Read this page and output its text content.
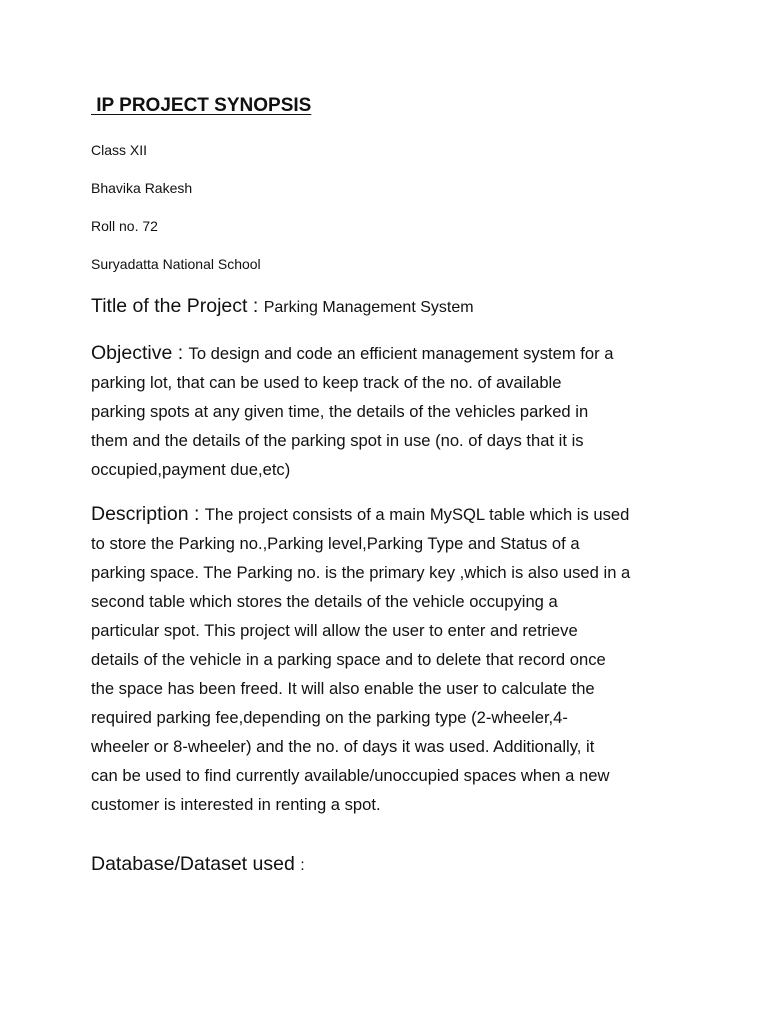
IP PROJECT SYNOPSIS
Class XII
Bhavika Rakesh
Roll no. 72
Suryadatta National School
Title of the Project : Parking Management System
Objective : To design and code an efficient management system for a
parking lot, that can be used to keep track of the no. of available
parking spots at any given time, the details of the vehicles parked in
them and the details of the parking spot in use (no. of days that it is
occupied,payment due,etc)
Description : The project consists of a main MySQL table which is used
to store the Parking no.,Parking level,Parking Type and Status of a
parking space. The Parking no. is the primary key ,which is also used in a
second table which stores the details of the vehicle occupying a
particular spot. This project will allow the user to enter and retrieve
details of the vehicle in a parking space and to delete that record once
the space has been freed. It will also enable the user to calculate the
required parking fee,depending on the parking type (2-wheeler,4-
wheeler or 8-wheeler) and the no. of days it was used. Additionally, it
can be used to find currently available/unoccupied spaces when a new
customer is interested in renting a spot.
Database/Dataset used :
